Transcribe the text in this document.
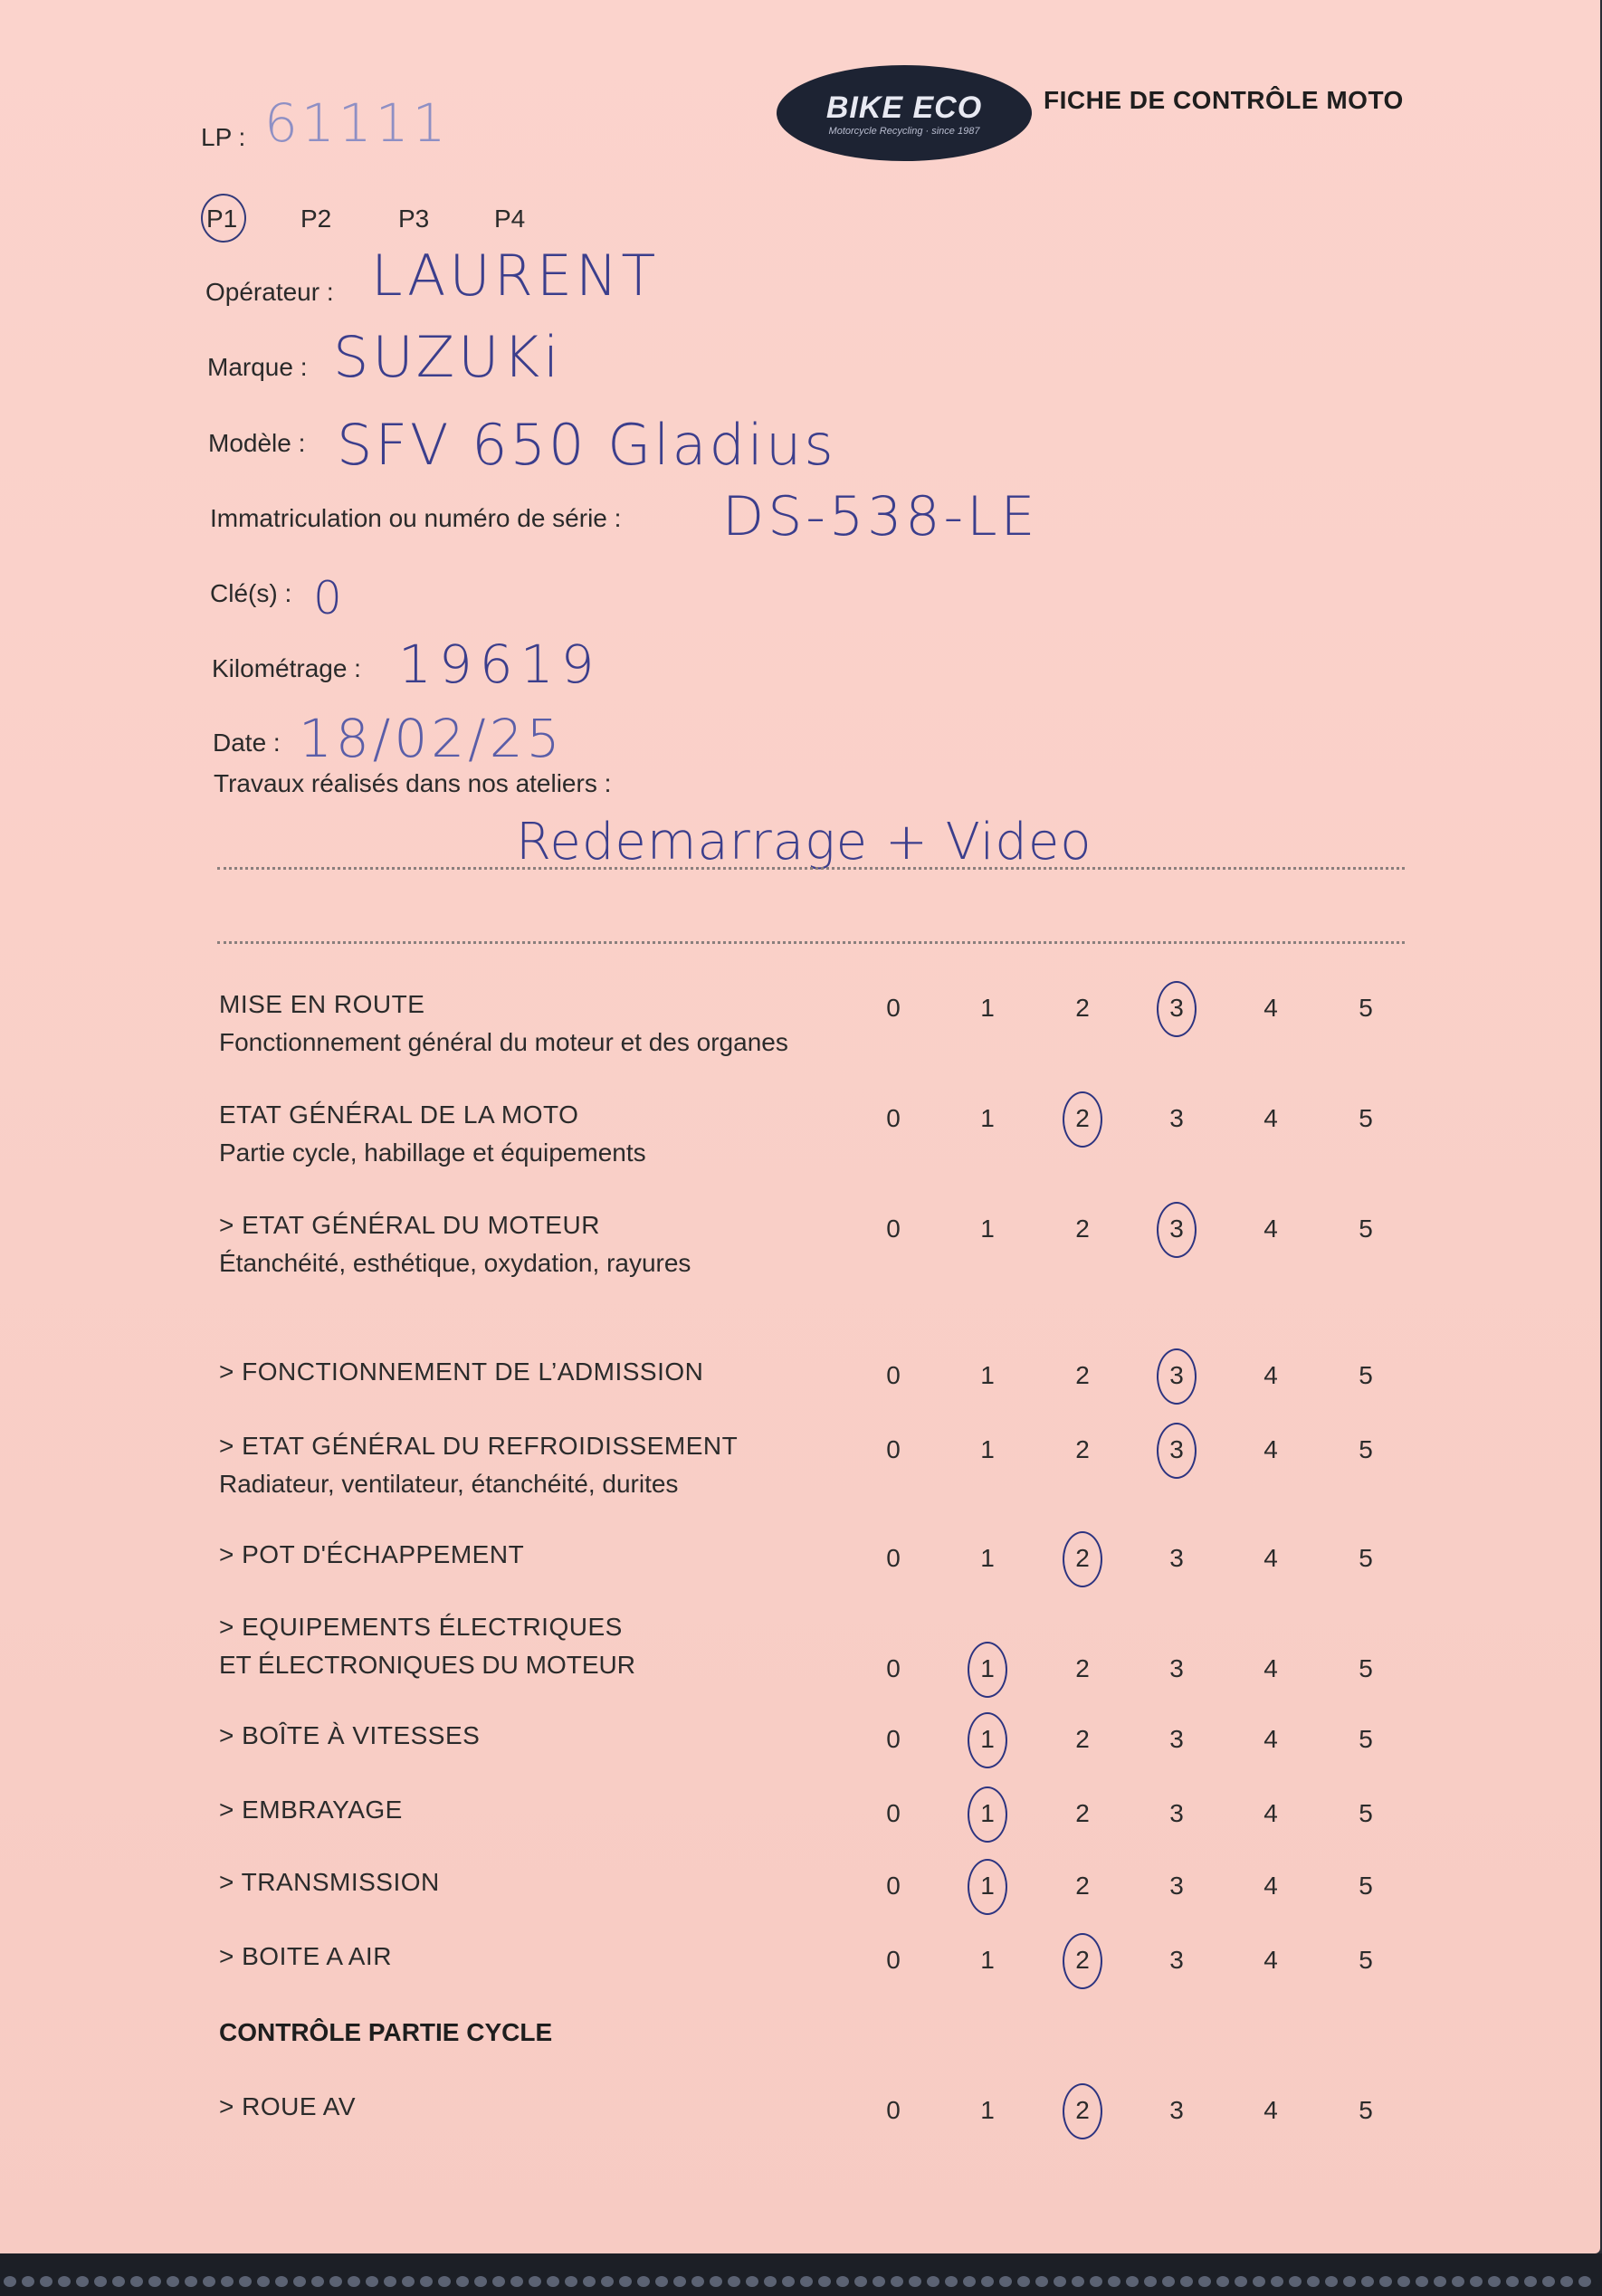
BIKE ECO
Motorcycle Recycling · since 1987
FICHE DE CONTRÔLE MOTO
LP : 61111
P1 P2	P3	P4
Opérateur : LAURENT
Marque : SUZUKi
Modèle : SFV 650 Gladius
Immatriculation ou numéro de série : DS-538-LE
Clé(s) : 0
Kilométrage : 19619
Date : 18/02/25
Travaux réalisés dans nos ateliers :
Redemarrage + Video
MISE EN ROUTE
Fonctionnement général du moteur et des organes
0	1	2	3	4	5
ETAT GÉNÉRAL DE LA MOTO
Partie cycle, habillage et équipements
0	1	2	3	4	5
> ETAT GÉNÉRAL DU MOTEUR
Étanchéité, esthétique, oxydation, rayures
0	1	2	3	4	5
> FONCTIONNEMENT DE L’ADMISSION	0	1	2	3	4	5
> ETAT GÉNÉRAL DU REFROIDISSEMENT
Radiateur, ventilateur, étanchéité, durites
0	1	2	3	4	5
> POT D'ÉCHAPPEMENT	0	1	2	3	4	5
> EQUIPEMENTS ÉLECTRIQUES
ET ÉLECTRONIQUES DU MOTEUR	0	1	2	3	4	5
> BOÎTE À VITESSES	0	1	2	3	4	5
> EMBRAYAGE	0	1	2	3	4	5
> TRANSMISSION	0	1	2	3	4	5
> BOITE A AIR	0	1	2	3	4	5
CONTRÔLE PARTIE CYCLE
> ROUE AV	0	1	2	3	4	5
